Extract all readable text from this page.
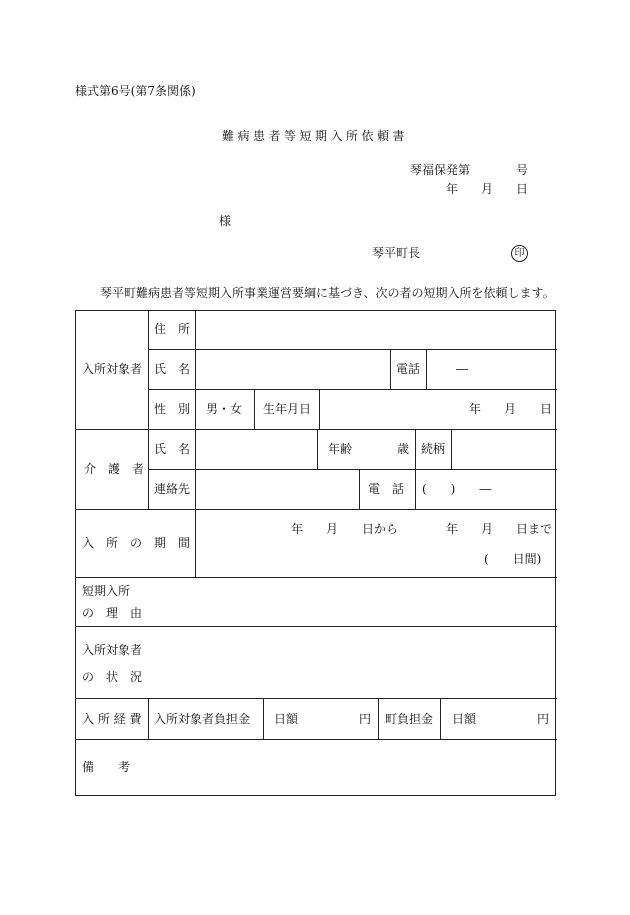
様式第6号(第7条関係)
難病患者等短期入所依頼書
琴福保発第	号
年 月 日
様
琴平町長	印
琴平町難病患者等短期入所事業運営要綱に基づき、次の者の短期入所を依頼します。
入所対象者
住　所
氏　名	電話	―
性　別 男・女 生年月日	年 月 日
介　護　者
氏　名	年齢	歳 続柄
連絡先	電　話 (　　)　　―
入　所　の　期　間
年 月 日から	年 月 日まで
(　　日間)
短期入所
の　理　由
入所対象者
の　状　況
入 所 経 費 入所対象者負担金 日額	円 町負担金 日額	円
備　　考
